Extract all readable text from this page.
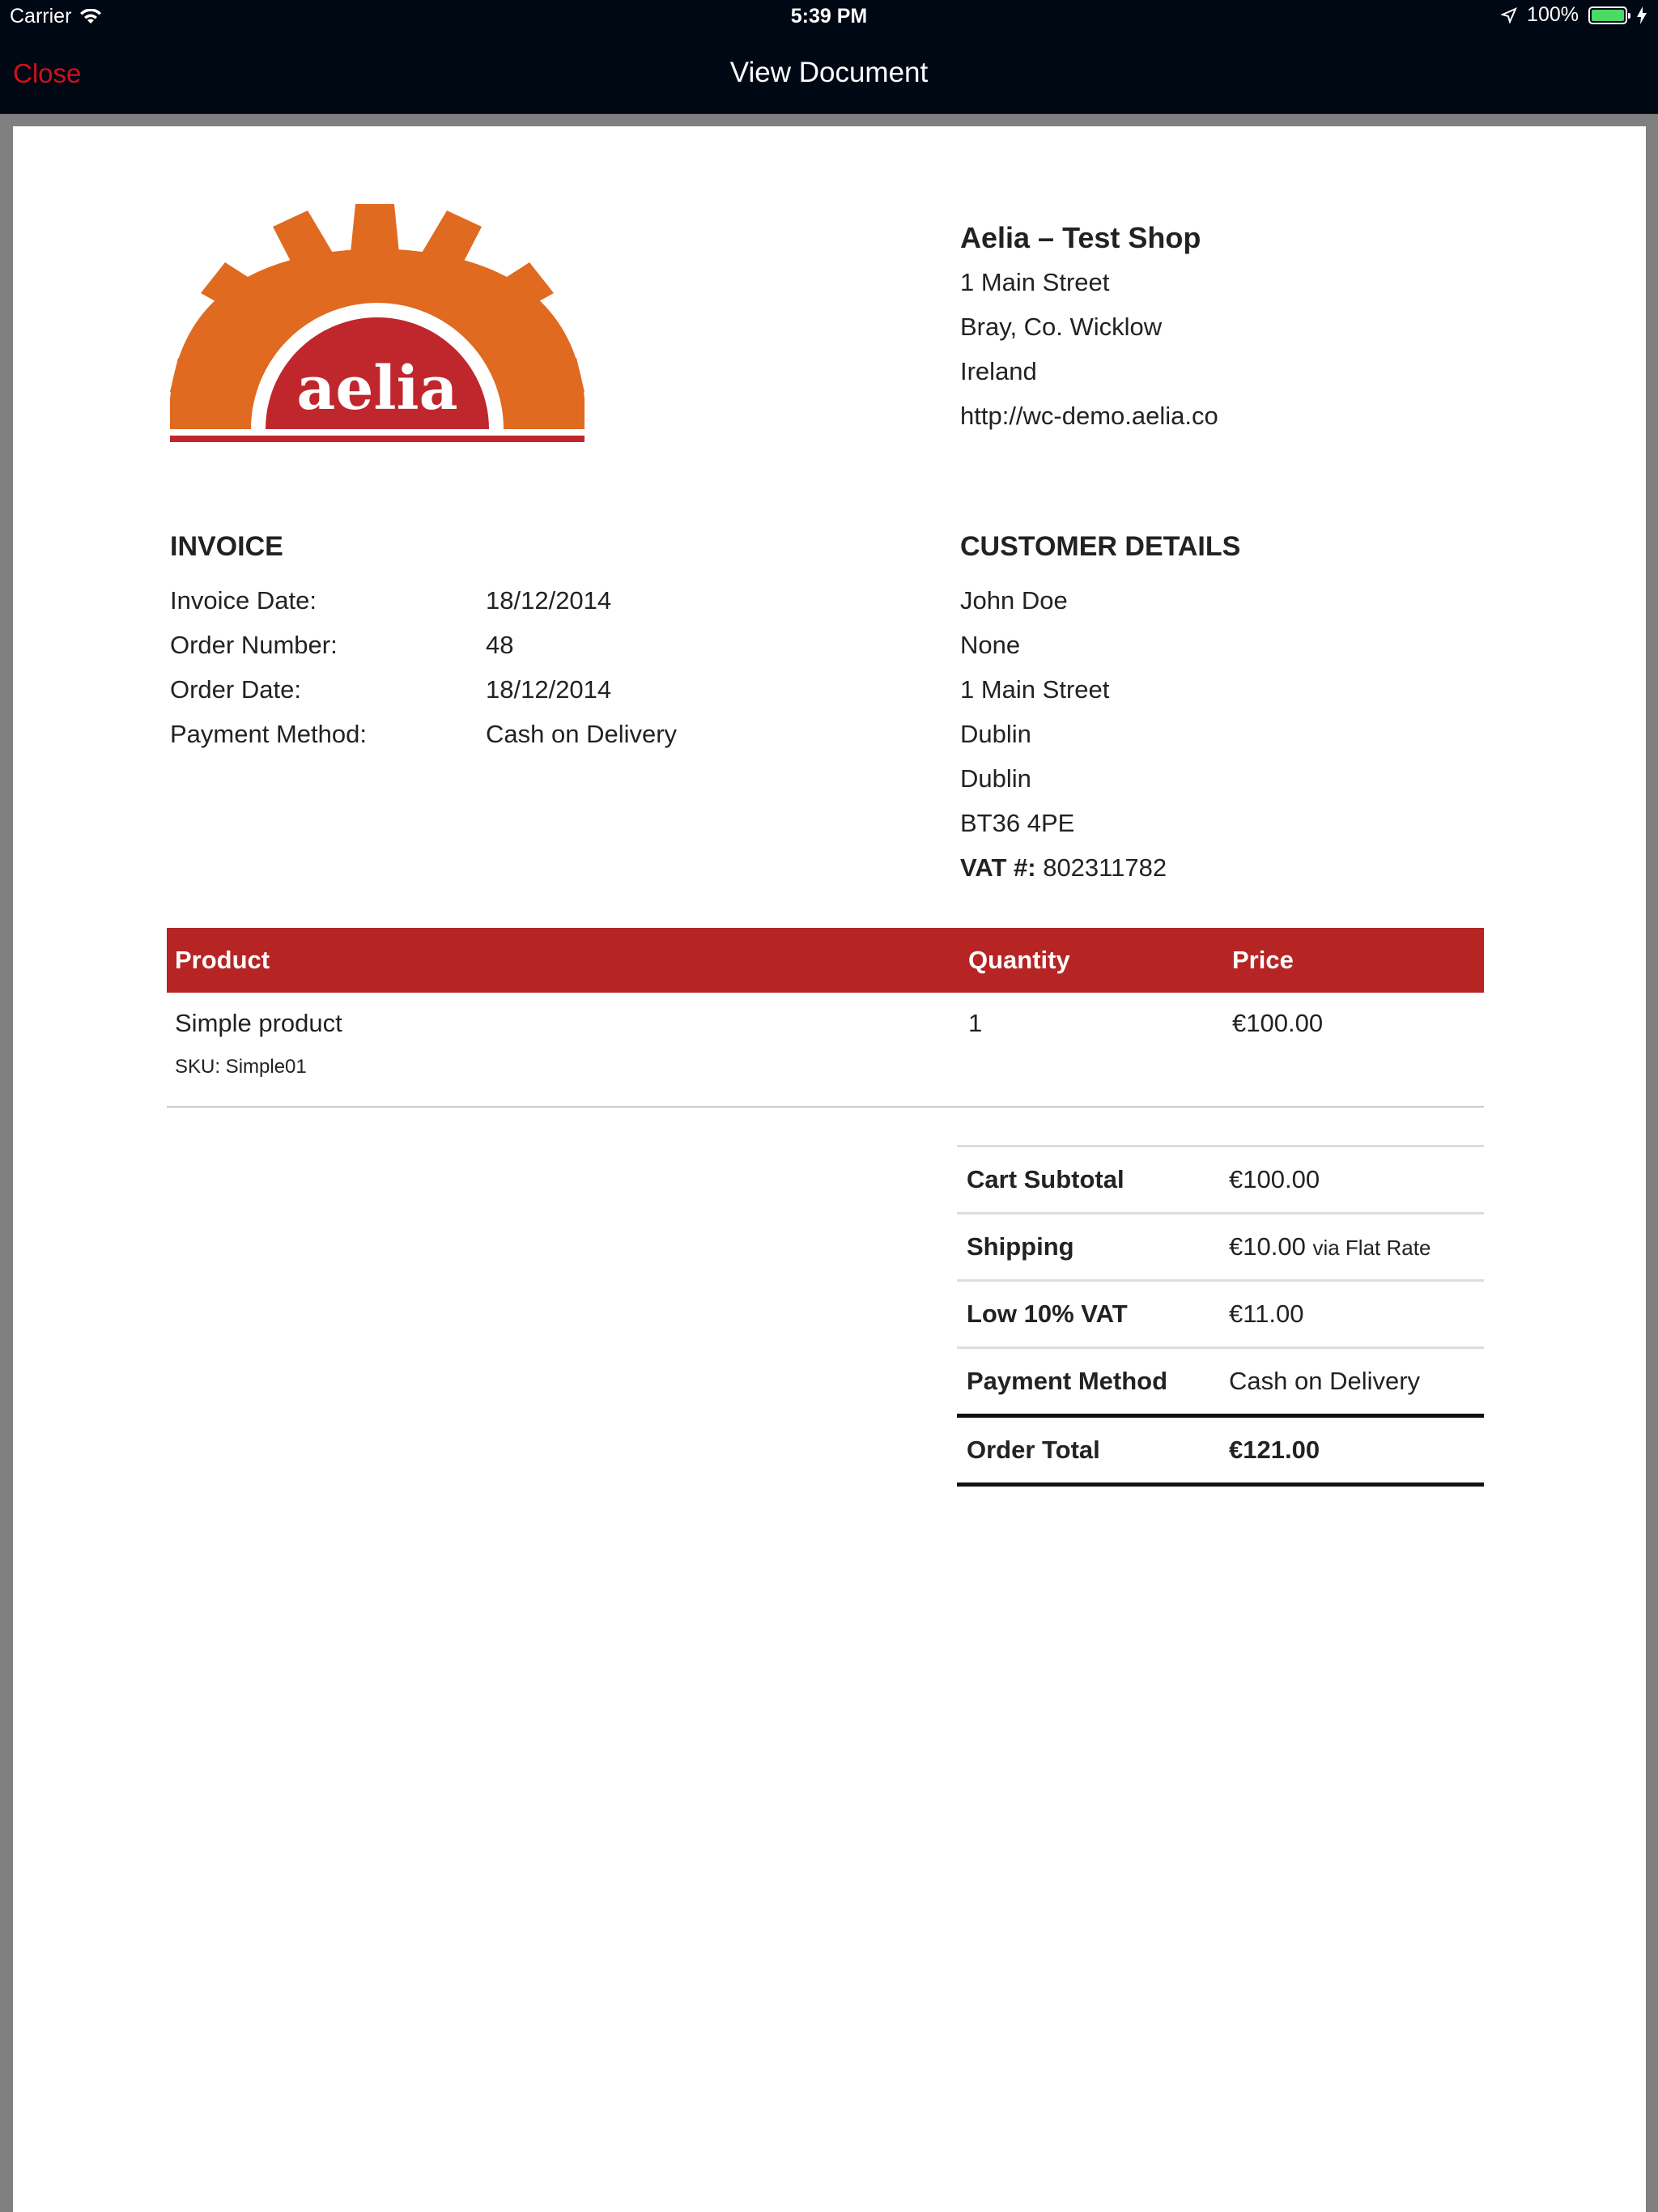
Carrier	5:39 PM	100%
Close	View Document
aelia
Aelia – Test Shop
1 Main Street
Bray, Co. Wicklow
Ireland
http://wc-demo.aelia.co
INVOICE
Invoice Date:	18/12/2014
Order Number:	48
Order Date:	18/12/2014
Payment Method:	Cash on Delivery
CUSTOMER DETAILS
John Doe
None
1 Main Street
Dublin
Dublin
BT36 4PE
VAT #: 802311782
Product	Quantity	Price
Simple product
SKU: Simple01
1	€100.00
Cart Subtotal	€100.00
Shipping	€10.00 via Flat Rate
Low 10% VAT	€11.00
Payment Method	Cash on Delivery
Order Total	€121.00
